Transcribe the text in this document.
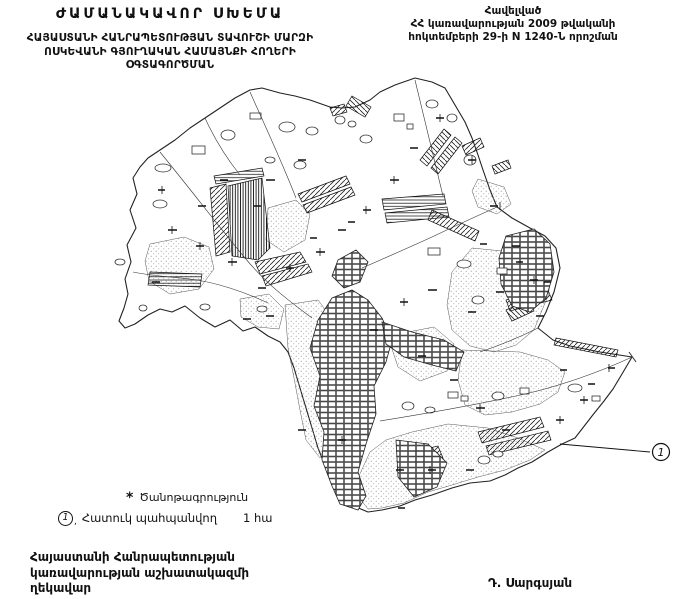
1
ԺԱՄԱՆԱԿԱՎՈՐ ՍԽԵՄԱ
ՀԱՅԱՍՏԱՆԻ ՀԱՆՐԱՊԵՏՈՒԹՅԱՆ ՏԱՎՈՒՇԻ ՄԱՐԶԻ
ՈՍԿԵՎԱՆԻ ԳՅՈՒՂԱԿԱՆ ՀԱՄԱՅՆՔԻ ՀՈՂԵՐԻ
ՕԳՏԱԳՈՐԾՄԱՆ
Հավելված
ՀՀ կառավարության 2009 թվականի
հոկտեմբերի 29-ի N 1240-Ն որոշման
* Ծանոթագրություն
1 , Հատուկ պահպանվող 1 հա
Հայաստանի Հանրապետության
կառավարության աշխատակազմի
ղեկավար	Դ. Սարգսյան
